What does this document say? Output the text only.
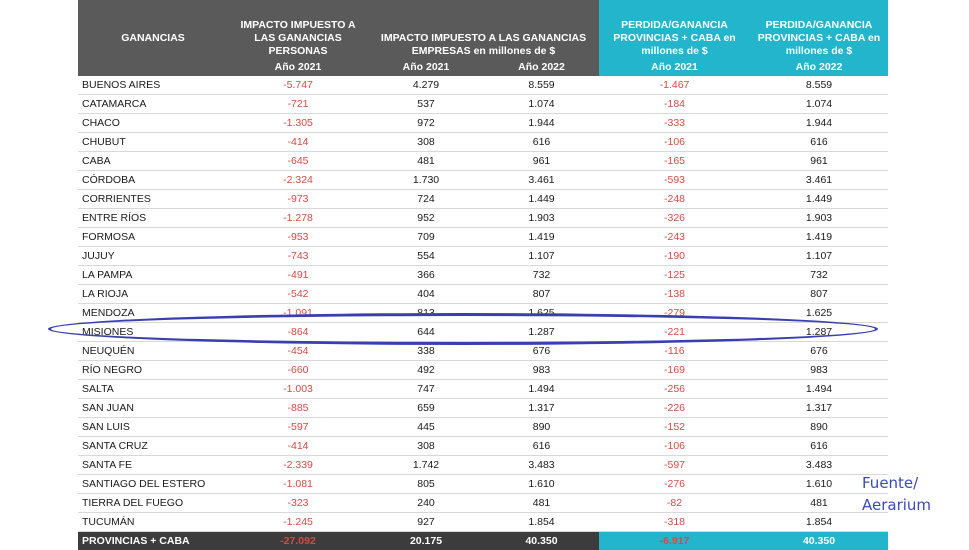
GANANCIAS	IMPACTO IMPUESTO A LAS GANANCIAS PERSONAS	IMPACTO IMPUESTO A LAS GANANCIAS EMPRESAS en millones de $		PERDIDA/GANANCIA PROVINCIAS + CABA en millones de $	PERDIDA/GANANCIA PROVINCIAS + CABA en millones de $
	Año 2021	Año 2021	Año 2022	Año 2021	Año 2022
BUENOS AIRES	-5.747	4.279	8.559	-1.467	8.559
CATAMARCA	-721	537	1.074	-184	1.074
CHACO	-1.305	972	1.944	-333	1.944
CHUBUT	-414	308	616	-106	616
CABA	-645	481	961	-165	961
CÓRDOBA	-2.324	1.730	3.461	-593	3.461
CORRIENTES	-973	724	1.449	-248	1.449
ENTRE RÍOS	-1.278	952	1.903	-326	1.903
FORMOSA	-953	709	1.419	-243	1.419
JUJUY	-743	554	1.107	-190	1.107
LA PAMPA	-491	366	732	-125	732
LA RIOJA	-542	404	807	-138	807
MENDOZA	-1.091	813	1.625	-279	1.625
MISIONES	-864	644	1.287	-221	1.287
NEUQUÉN	-454	338	676	-116	676
RÍO NEGRO	-660	492	983	-169	983
SALTA	-1.003	747	1.494	-256	1.494
SAN JUAN	-885	659	1.317	-226	1.317
SAN LUIS	-597	445	890	-152	890
SANTA CRUZ	-414	308	616	-106	616
SANTA FE	-2.339	1.742	3.483	-597	3.483
SANTIAGO DEL ESTERO	-1.081	805	1.610	-276	1.610
TIERRA DEL FUEGO	-323	240	481	-82	481
TUCUMÁN	-1.245	927	1.854	-318	1.854
PROVINCIAS + CABA	-27.092	20.175	40.350	-6.917	40.350
Fuente/
Aerarium
